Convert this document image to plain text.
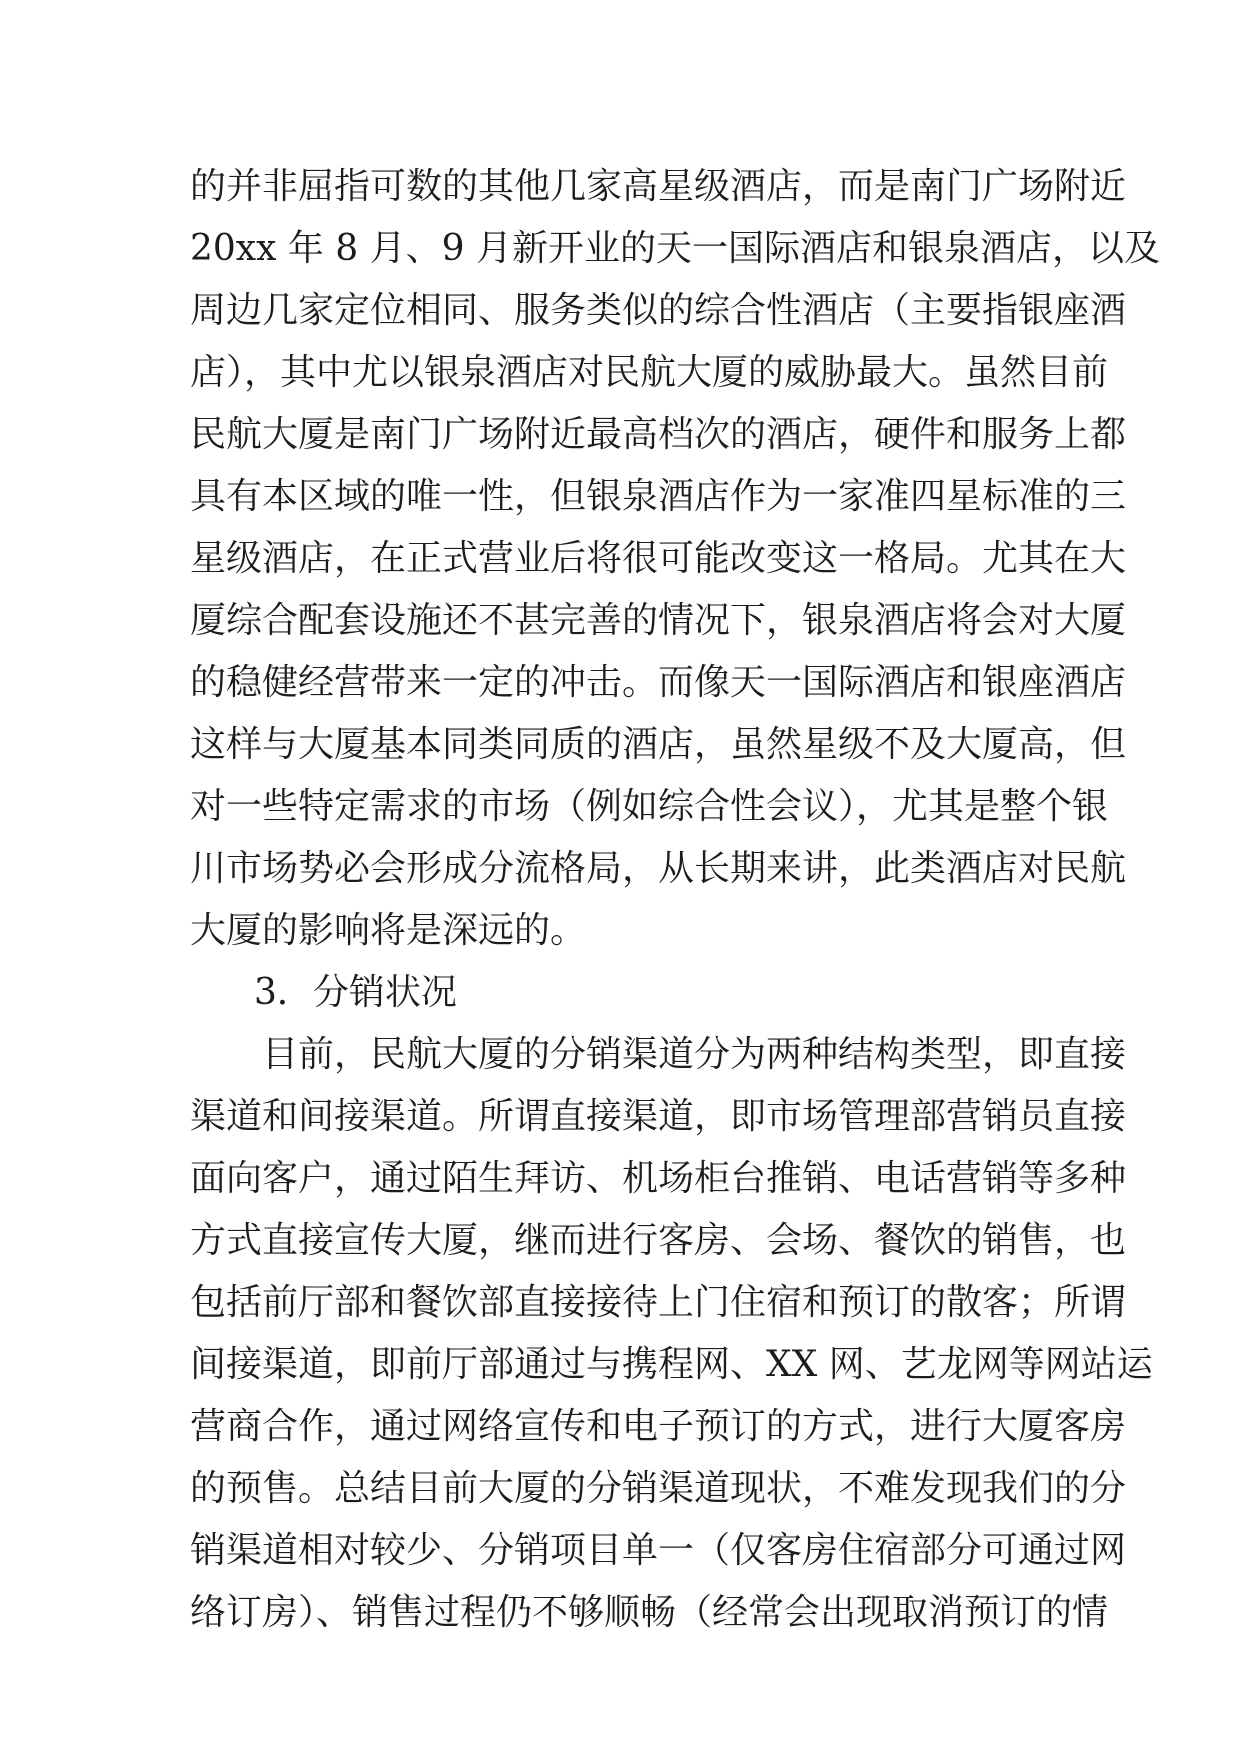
的并非屈指可数的其他几家高星级酒店，而是南门广场附近
20xx 年 8 月、9 月新开业的天一国际酒店和银泉酒店，以及
周边几家定位相同、服务类似的综合性酒店（主要指银座酒
店），其中尤以银泉酒店对民航大厦的威胁最大。虽然目前
民航大厦是南门广场附近最高档次的酒店，硬件和服务上都
具有本区域的唯一性，但银泉酒店作为一家准四星标准的三
星级酒店，在正式营业后将很可能改变这一格局。尤其在大
厦综合配套设施还不甚完善的情况下，银泉酒店将会对大厦
的稳健经营带来一定的冲击。而像天一国际酒店和银座酒店
这样与大厦基本同类同质的酒店，虽然星级不及大厦高，但
对一些特定需求的市场（例如综合性会议），尤其是整个银
川市场势必会形成分流格局，从长期来讲，此类酒店对民航
大厦的影响将是深远的。
3．分销状况
目前，民航大厦的分销渠道分为两种结构类型，即直接
渠道和间接渠道。所谓直接渠道，即市场管理部营销员直接
面向客户，通过陌生拜访、机场柜台推销、电话营销等多种
方式直接宣传大厦，继而进行客房、会场、餐饮的销售，也
包括前厅部和餐饮部直接接待上门住宿和预订的散客；所谓
间接渠道，即前厅部通过与携程网、XX 网、艺龙网等网站运
营商合作，通过网络宣传和电子预订的方式，进行大厦客房
的预售。总结目前大厦的分销渠道现状，不难发现我们的分
销渠道相对较少、分销项目单一（仅客房住宿部分可通过网
络订房）、销售过程仍不够顺畅（经常会出现取消预订的情
